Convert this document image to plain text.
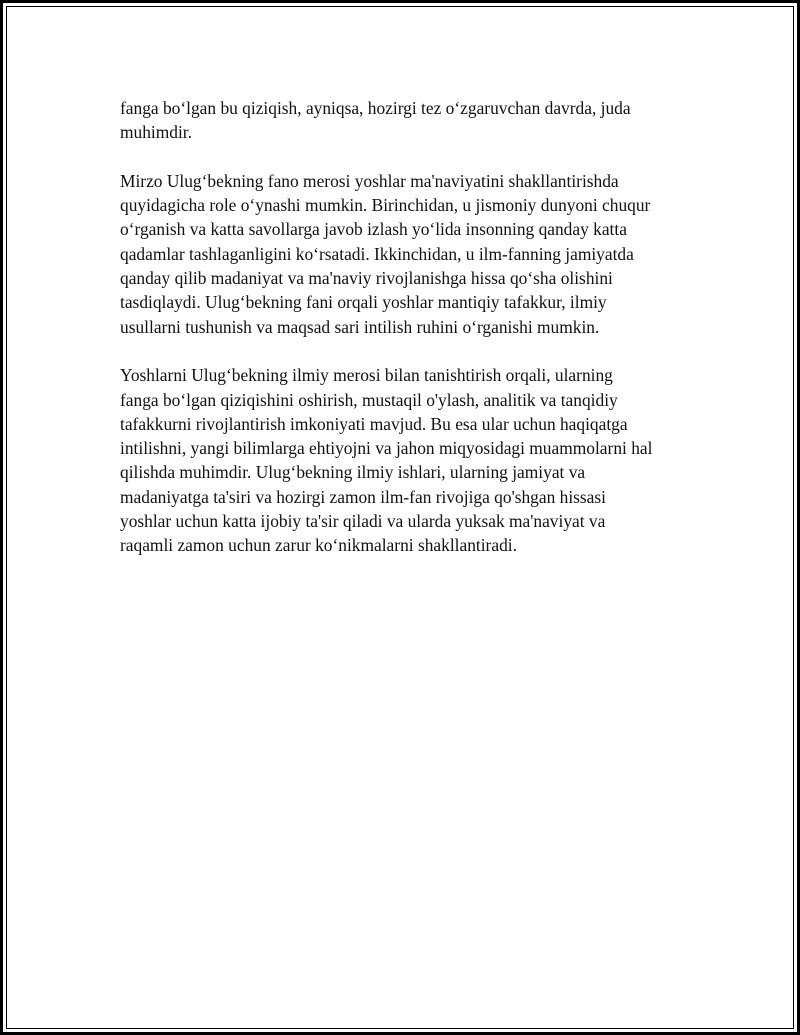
fanga bo‘lgan bu qiziqish, ayniqsa, hozirgi tez o‘zgaruvchan davrda, juda
muhimdir.

Mirzo Ulug‘bekning fano merosi yoshlar ma'naviyatini shakllantirishda
quyidagicha role o‘ynashi mumkin. Birinchidan, u jismoniy dunyoni chuqur
o‘rganish va katta savollarga javob izlash yo‘lida insonning qanday katta
qadamlar tashlaganligini ko‘rsatadi. Ikkinchidan, u ilm-fanning jamiyatda
qanday qilib madaniyat va ma'naviy rivojlanishga hissa qo‘sha olishini
tasdiqlaydi. Ulug‘bekning fani orqali yoshlar mantiqiy tafakkur, ilmiy
usullarni tushunish va maqsad sari intilish ruhini o‘rganishi mumkin.

Yoshlarni Ulug‘bekning ilmiy merosi bilan tanishtirish orqali, ularning
fanga bo‘lgan qiziqishini oshirish, mustaqil o'ylash, analitik va tanqidiy
tafakkurni rivojlantirish imkoniyati mavjud. Bu esa ular uchun haqiqatga
intilishni, yangi bilimlarga ehtiyojni va jahon miqyosidagi muammolarni hal
qilishda muhimdir. Ulug‘bekning ilmiy ishlari, ularning jamiyat va
madaniyatga ta'siri va hozirgi zamon ilm-fan rivojiga qo'shgan hissasi
yoshlar uchun katta ijobiy ta'sir qiladi va ularda yuksak ma'naviyat va
raqamli zamon uchun zarur ko‘nikmalarni shakllantiradi.
